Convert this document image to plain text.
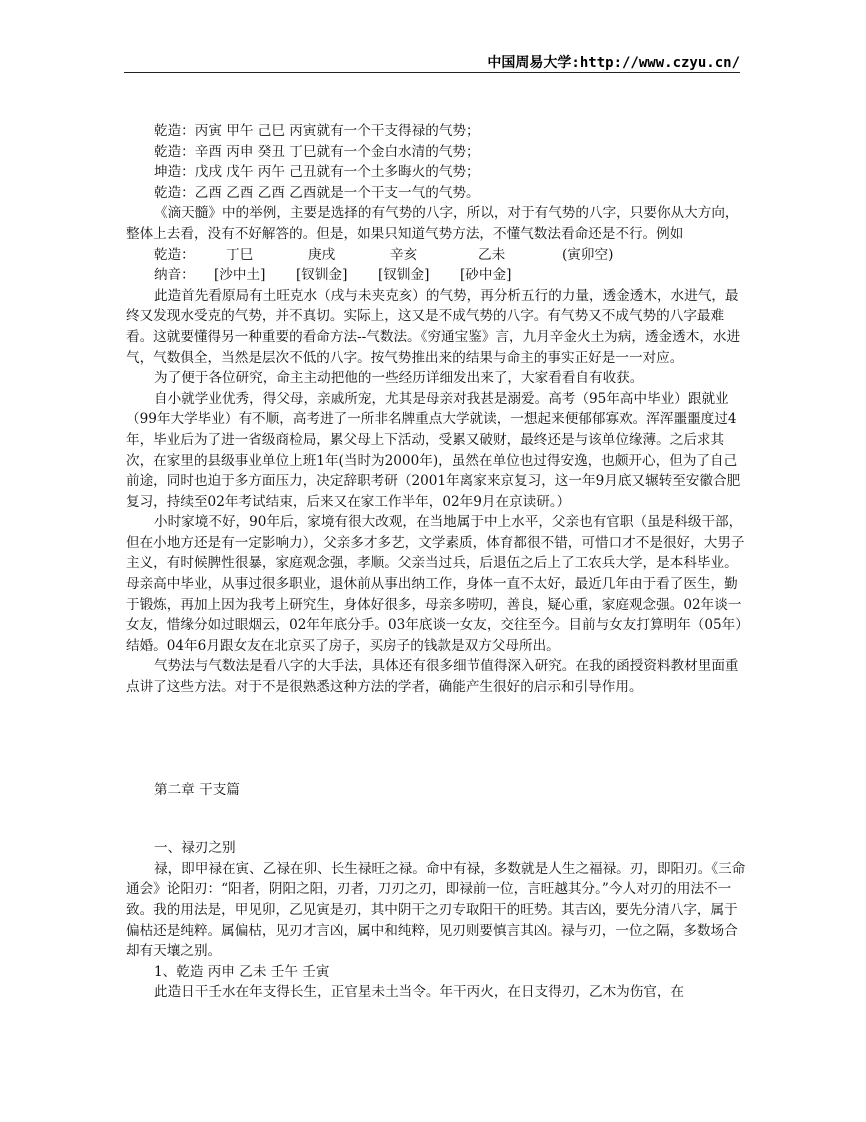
中国周易大学:http://www.czyu.cn/

乾造：丙寅 甲午 己巳 丙寅就有一个干支得禄的气势；

乾造：辛酉 丙申 癸丑 丁巳就有一个金白水清的气势；

坤造：戊戌 戊午 丙午 己丑就有一个土多晦火的气势；

乾造：乙酉 乙酉 乙酉 乙酉就是一个干支一气的气势。

《滴天髓》中的举例，主要是选择的有气势的八字，所以，对于有气势的八字，只要你从大方向，整体上去看，没有不好解答的。但是，如果只知道气势方法，不懂气数法看命还是不行。例如

乾造：	丁巳	庚戌	辛亥	乙未	(寅卯空)
纳音：	[沙中土]	[钗钏金]	[钗钏金]	[砂中金]

此造首先看原局有土旺克水（戌与未夹克亥）的气势，再分析五行的力量，透金透木，水进气，最终又发现水受克的气势，并不真切。实际上，这又是不成气势的八字。有气势又不成气势的八字最难看。这就要懂得另一种重要的看命方法--气数法。《穷通宝鉴》言，九月辛金火土为病，透金透木，水进气，气数俱全，当然是层次不低的八字。按气势推出来的结果与命主的事实正好是一一对应。

为了便于各位研究，命主主动把他的一些经历详细发出来了，大家看看自有收获。

自小就学业优秀，得父母，亲戚所宠，尤其是母亲对我甚是溺爱。高考（95年高中毕业）跟就业（99年大学毕业）有不顺，高考进了一所非名牌重点大学就读，一想起来便郁郁寡欢。浑浑噩噩度过4年，毕业后为了进一省级商检局，累父母上下活动，受累又破财，最终还是与该单位缘薄。之后求其次，在家里的县级事业单位上班1年(当时为2000年)，虽然在单位也过得安逸，也颇开心，但为了自己前途，同时也迫于多方面压力，决定辞职考研（2001年离家来京复习，这一年9月底又辗转至安徽合肥复习，持续至02年考试结束，后来又在家工作半年，02年9月在京读研。）

小时家境不好，90年后，家境有很大改观，在当地属于中上水平，父亲也有官职（虽是科级干部，但在小地方还是有一定影响力），父亲多才多艺，文学素质，体育都很不错，可惜口才不是很好，大男子主义，有时候脾性很暴，家庭观念强，孝顺。父亲当过兵，后退伍之后上了工农兵大学，是本科毕业。母亲高中毕业，从事过很多职业，退休前从事出纳工作，身体一直不太好，最近几年由于看了医生，勤于锻炼，再加上因为我考上研究生，身体好很多，母亲多唠叨，善良，疑心重，家庭观念强。02年谈一女友，惜缘分如过眼烟云，02年年底分手。03年底谈一女友，交往至今。目前与女友打算明年（05年）结婚。04年6月跟女友在北京买了房子，买房子的钱款是双方父母所出。

气势法与气数法是看八字的大手法，具体还有很多细节值得深入研究。在我的函授资料教材里面重点讲了这些方法。对于不是很熟悉这种方法的学者，确能产生很好的启示和引导作用。

第二章 干支篇

一、禄刃之别

禄，即甲禄在寅、乙禄在卯、长生禄旺之禄。命中有禄，多数就是人生之福禄。刃，即阳刃。《三命通会》论阳刃：“阳者，阴阳之阳，刃者，刀刃之刃，即禄前一位，言旺越其分。”今人对刃的用法不一致。我的用法是，甲见卯，乙见寅是刃，其中阴干之刃专取阳干的旺势。其吉凶，要先分清八字，属于偏枯还是纯粹。属偏枯，见刃才言凶，属中和纯粹，见刃则要慎言其凶。禄与刃，一位之隔，多数场合却有天壤之别。

1、乾造 丙申 乙未 壬午 壬寅

此造日干壬水在年支得长生，正官星未土当令。年干丙火，在日支得刃，乙木为伤官，在
